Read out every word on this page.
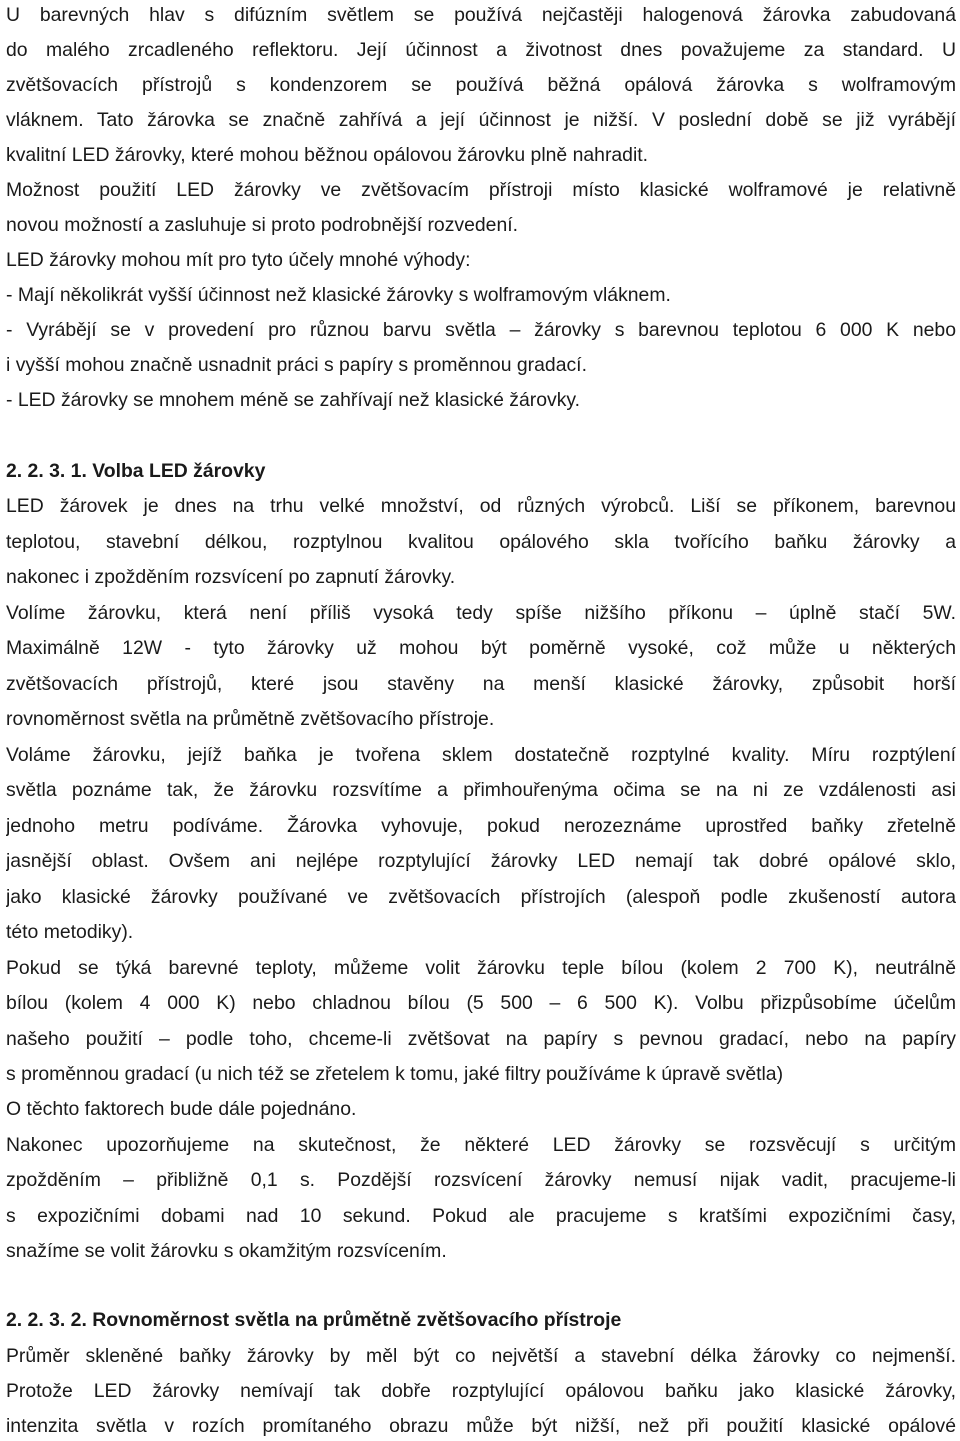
U barevných hlav s difúzním světlem se používá nejčastěji halogenová žárovka zabudovaná
do malého zrcadleného reflektoru. Její účinnost a životnost dnes považujeme za standard. U
zvětšovacích přístrojů s kondenzorem se používá běžná opálová žárovka s wolframovým
vláknem. Tato žárovka se značně zahřívá a její účinnost je nižší. V poslední době se již vyrábějí
kvalitní LED žárovky, které mohou běžnou opálovou žárovku plně nahradit.
Možnost použití LED žárovky ve zvětšovacím přístroji místo klasické wolframové je relativně
novou možností a zasluhuje si proto podrobnější rozvedení.
LED žárovky mohou mít pro tyto účely mnohé výhody:
- Mají několikrát vyšší účinnost než klasické žárovky s wolframovým vláknem.
- Vyrábějí se v provedení pro různou barvu světla – žárovky s barevnou teplotou 6 000 K nebo
i vyšší mohou značně usnadnit práci s papíry s proměnnou gradací.
- LED žárovky se mnohem méně se zahřívají než klasické žárovky.
2. 2. 3. 1. Volba LED žárovky
LED žárovek je dnes na trhu velké množství, od různých výrobců. Liší se příkonem, barevnou
teplotou, stavební délkou, rozptylnou kvalitou opálového skla tvořícího baňku žárovky a
nakonec i zpožděním rozsvícení po zapnutí žárovky.
Volíme žárovku, která není příliš vysoká tedy spíše nižšího příkonu – úplně stačí 5W.
Maximálně 12W - tyto žárovky už mohou být poměrně vysoké, což může u některých
zvětšovacích přístrojů, které jsou stavěny na menší klasické žárovky, způsobit horší
rovnoměrnost světla na průmětně zvětšovacího přístroje.
Voláme žárovku, jejíž baňka je tvořena sklem dostatečně rozptylné kvality. Míru rozptýlení
světla poznáme tak, že žárovku rozsvítíme a přimhouřenýma očima se na ni ze vzdálenosti asi
jednoho metru podíváme. Žárovka vyhovuje, pokud nerozeznáme uprostřed baňky zřetelně
jasnější oblast. Ovšem ani nejlépe rozptylující žárovky LED nemají tak dobré opálové sklo,
jako klasické žárovky používané ve zvětšovacích přístrojích (alespoň podle zkušeností autora
této metodiky).
Pokud se týká barevné teploty, můžeme volit žárovku teple bílou (kolem 2 700 K), neutrálně
bílou (kolem 4 000 K) nebo chladnou bílou (5 500 – 6 500 K). Volbu přizpůsobíme účelům
našeho použití – podle toho, chceme-li zvětšovat na papíry s pevnou gradací, nebo na papíry
s proměnnou gradací (u nich též se zřetelem k tomu, jaké filtry používáme k úpravě světla)
O těchto faktorech bude dále pojednáno.
Nakonec upozorňujeme na skutečnost, že některé LED žárovky se rozsvěcují s určitým
zpožděním – přibližně 0,1 s. Pozdější rozsvícení žárovky nemusí nijak vadit, pracujeme-li
s expozičními dobami nad 10 sekund. Pokud ale pracujeme s kratšími expozičními časy,
snažíme se volit žárovku s okamžitým rozsvícením.
2. 2. 3. 2. Rovnoměrnost světla na průmětně zvětšovacího přístroje
Průměr skleněné baňky žárovky by měl být co největší a stavební délka žárovky co nejmenší.
Protože LED žárovky nemívají tak dobře rozptylující opálovou baňku jako klasické žárovky,
intenzita světla v rozích promítaného obrazu může být nižší, než při použití klasické opálové
